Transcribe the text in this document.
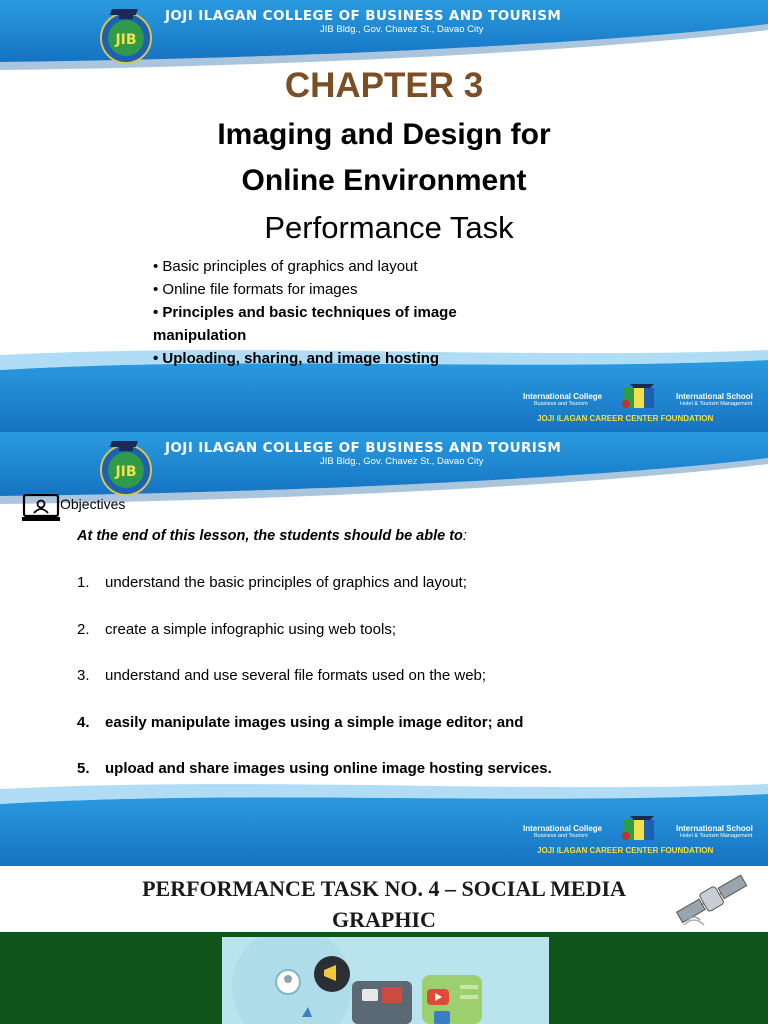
JIB
JOJI ILAGAN COLLEGE OF BUSINESS AND TOURISM
JIB Bldg., Gov. Chavez St., Davao City
CHAPTER 3
Imaging and Design for
Online Environment
Performance Task
• Basic principles of graphics and layout
• Online file formats for images
• Principles and basic techniques of image manipulation
• Uploading, sharing, and image hosting
International College
Business and Tourism
International School
Hotel & Tourism Management
JOJI ILAGAN CAREER CENTER FOUNDATION
JIB
JOJI ILAGAN COLLEGE OF BUSINESS AND TOURISM
JIB Bldg., Gov. Chavez St., Davao City
Objectives
At the end of this lesson, the students should be able to:
1. understand the basic principles of graphics and layout;
2. create a simple infographic using web tools;
3. understand and use several file formats used on the web;
4. easily manipulate images using a simple image editor; and
5. upload and share images using online image hosting services.
International College
Business and Tourism
International School
Hotel & Tourism Management
JOJI ILAGAN CAREER CENTER FOUNDATION
PERFORMANCE TASK NO. 4 – SOCIAL MEDIA
GRAPHIC
